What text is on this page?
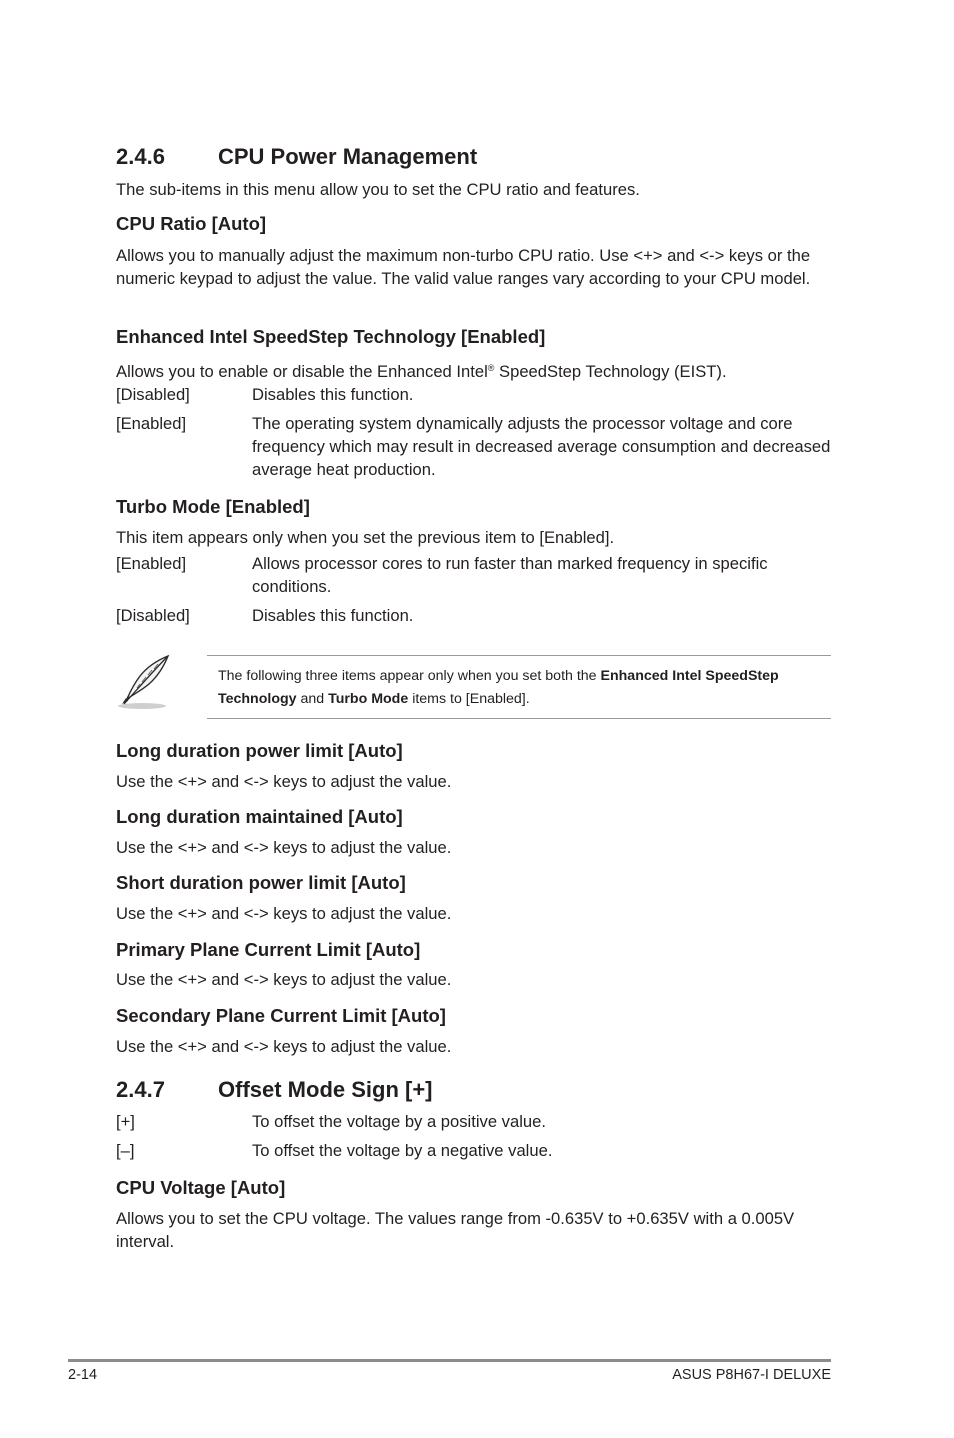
2.4.6 CPU Power Management
The sub-items in this menu allow you to set the CPU ratio and features.
CPU Ratio [Auto]
Allows you to manually adjust the maximum non-turbo CPU ratio. Use <+> and <-> keys or the numeric keypad to adjust the value. The valid value ranges vary according to your CPU model.
Enhanced Intel SpeedStep Technology [Enabled]
Allows you to enable or disable the Enhanced Intel® SpeedStep Technology (EIST).
[Disabled]	Disables this function.
[Enabled]	The operating system dynamically adjusts the processor voltage and core frequency which may result in decreased average consumption and decreased average heat production.
Turbo Mode [Enabled]
This item appears only when you set the previous item to [Enabled].
[Enabled]	Allows processor cores to run faster than marked frequency in specific conditions.
[Disabled]	Disables this function.
The following three items appear only when you set both the Enhanced Intel SpeedStep Technology and Turbo Mode items to [Enabled].
Long duration power limit [Auto]
Use the <+> and <-> keys to adjust the value.
Long duration maintained [Auto]
Use the <+> and <-> keys to adjust the value.
Short duration power limit [Auto]
Use the <+> and <-> keys to adjust the value.
Primary Plane Current Limit [Auto]
Use the <+> and <-> keys to adjust the value.
Secondary Plane Current Limit [Auto]
Use the <+> and <-> keys to adjust the value.
2.4.7 Offset Mode Sign [+]
[+]	To offset the voltage by a positive value.
[–]	To offset the voltage by a negative value.
CPU Voltage [Auto]
Allows you to set the CPU voltage. The values range from -0.635V to +0.635V with a 0.005V interval.
2-14	ASUS P8H67-I DELUXE
